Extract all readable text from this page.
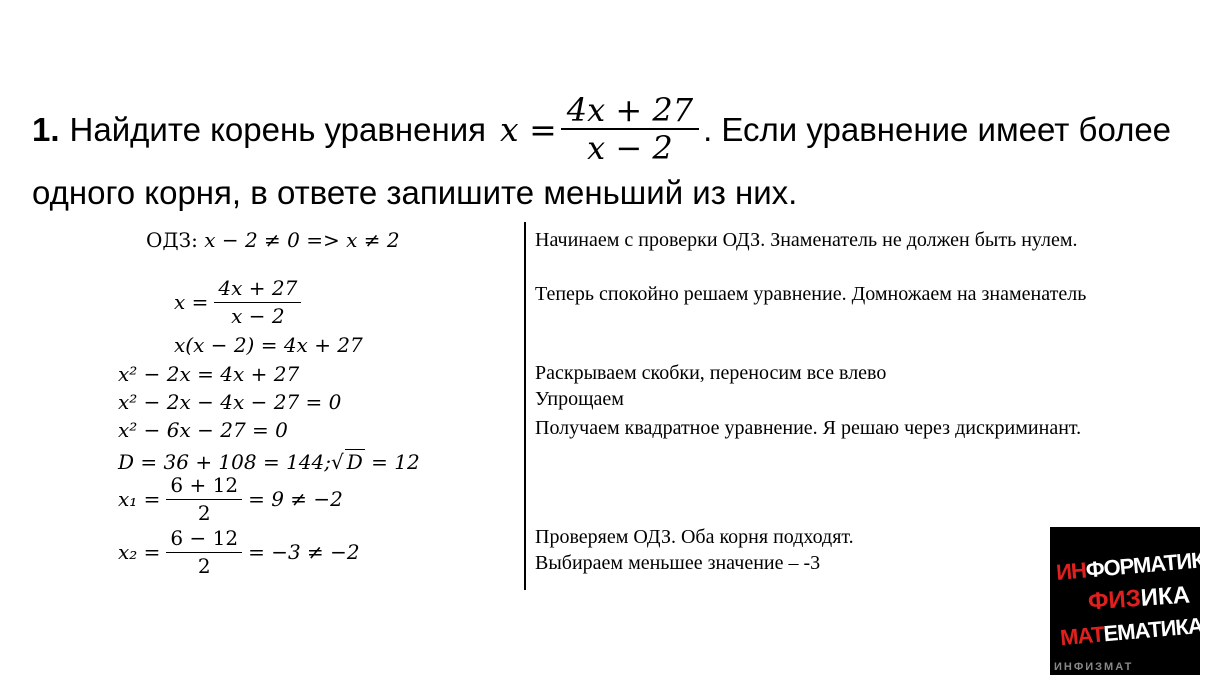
1. Найдите корень уравнения $x = \frac{4x + 27}{x - 2}$ . Если уравнение имеет более
одного корня, в ответе запишите меньший из них.
ОДЗ: x − 2 ≠ 0 => x ≠ 2
$x = \frac{4x + 27}{x - 2}$
x(x − 2) = 4x + 27
x² − 2x = 4x + 27
x² − 2x − 4x − 27 = 0
x² − 6x − 27 = 0
D = 36 + 108 = 144;√ D = 12
$x_1 = \frac{6 + 12}{2} = 9 \ne -2$
$x_2 = \frac{6 - 12}{2} = -3 \ne -2$
Начинаем с проверки ОДЗ. Знаменатель не должен быть нулем.
Теперь спокойно решаем уравнение. Домножаем на знаменатель
Раскрываем скобки, переносим все влево
Упрощаем
Получаем квадратное уравнение. Я решаю через дискриминант.
Проверяем ОДЗ. Оба корня подходят.
Выбираем меньшее значение – -3	ИНФОРМАТИКА
ФИЗИКА
МАТЕМАТИКА
ИНФИЗМАТ
